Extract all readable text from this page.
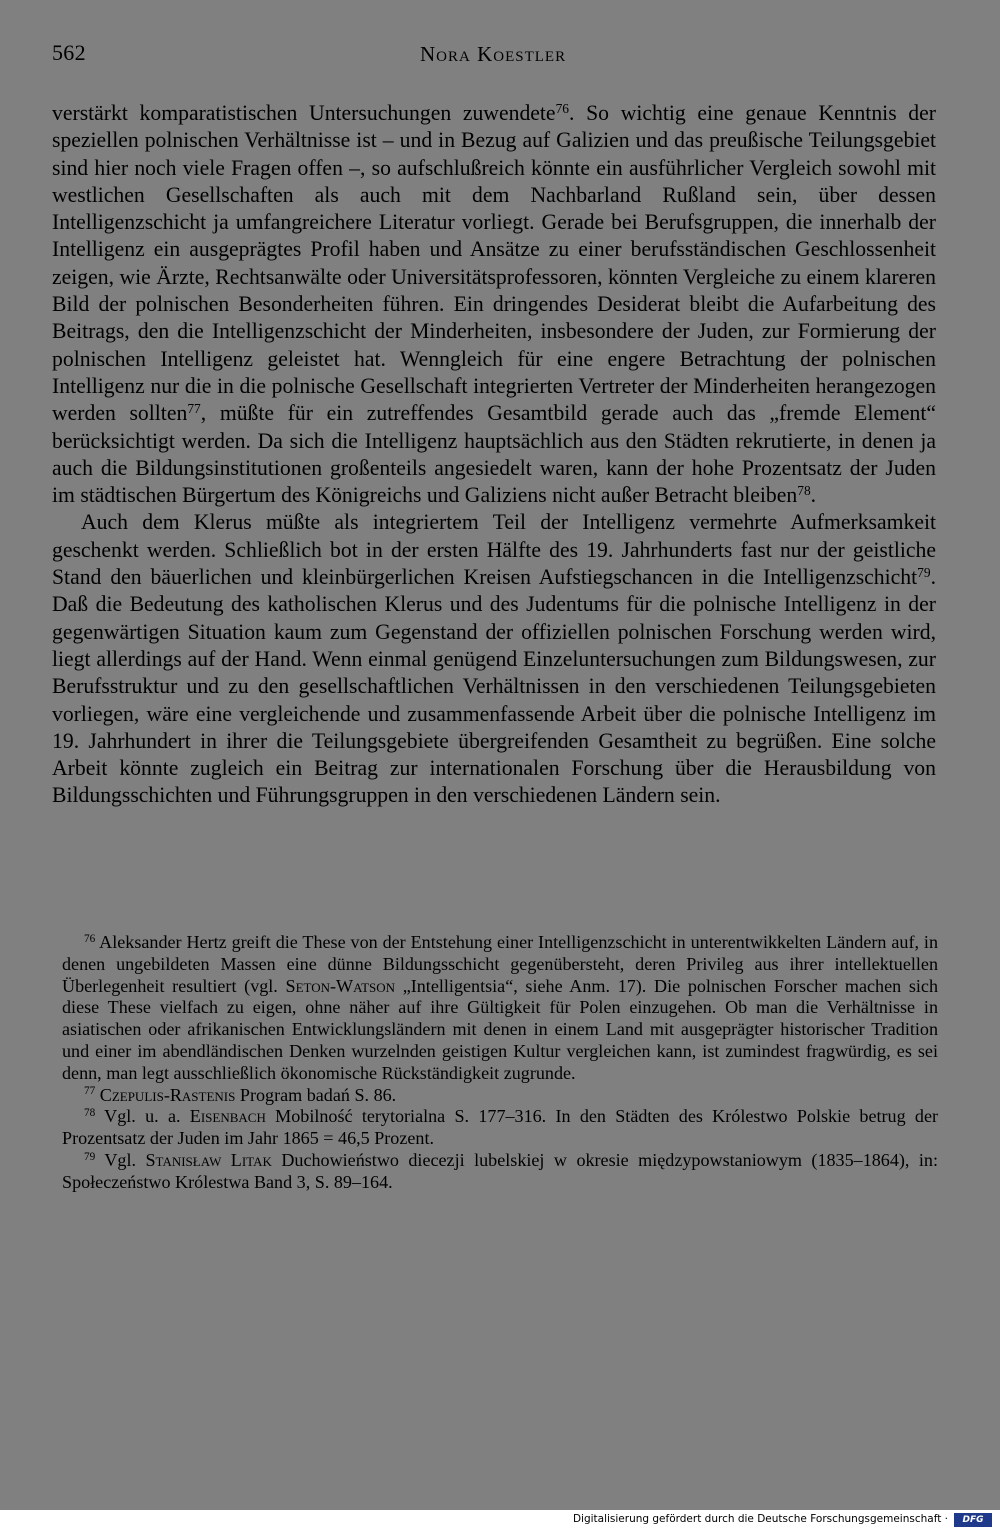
562	Nora Koestler

verstärkt komparatistischen Untersuchungen zuwendete$^{76}$. So wichtig eine genaue Kenntnis der speziellen polnischen Verhältnisse ist – und in Bezug auf Galizien und das preußische Teilungsgebiet sind hier noch viele Fragen offen –, so aufschlußreich könnte ein ausführlicher Vergleich sowohl mit westlichen Gesellschaften als auch mit dem Nachbarland Rußland sein, über dessen Intelligenzschicht ja umfangreichere Literatur vorliegt. Gerade bei Berufsgruppen, die innerhalb der Intelligenz ein ausgeprägtes Profil haben und Ansätze zu einer berufsständischen Geschlossenheit zeigen, wie Ärzte, Rechtsanwälte oder Universitätsprofessoren, könnten Vergleiche zu einem klareren Bild der polnischen Besonderheiten führen. Ein dringendes Desiderat bleibt die Aufarbeitung des Beitrags, den die Intelligenzschicht der Minderheiten, insbesondere der Juden, zur Formierung der polnischen Intelligenz geleistet hat. Wenngleich für eine engere Betrachtung der polnischen Intelligenz nur die in die polnische Gesellschaft integrierten Vertreter der Minderheiten herangezogen werden sollten$^{77}$, müßte für ein zutreffendes Gesamtbild gerade auch das „fremde Element“ berücksichtigt werden. Da sich die Intelligenz hauptsächlich aus den Städten rekrutierte, in denen ja auch die Bildungsinstitutionen großenteils angesiedelt waren, kann der hohe Prozentsatz der Juden im städtischen Bürgertum des Königreichs und Galiziens nicht außer Betracht bleiben$^{78}$.

Auch dem Klerus müßte als integriertem Teil der Intelligenz vermehrte Aufmerksamkeit geschenkt werden. Schließlich bot in der ersten Hälfte des 19. Jahrhunderts fast nur der geistliche Stand den bäuerlichen und kleinbürgerlichen Kreisen Aufstiegschancen in die Intelligenzschicht$^{79}$. Daß die Bedeutung des katholischen Klerus und des Judentums für die polnische Intelligenz in der gegenwärtigen Situation kaum zum Gegenstand der offiziellen polnischen Forschung werden wird, liegt allerdings auf der Hand. Wenn einmal genügend Einzeluntersuchungen zum Bildungswesen, zur Berufsstruktur und zu den gesellschaftlichen Verhältnissen in den verschiedenen Teilungsgebieten vorliegen, wäre eine vergleichende und zusammenfassende Arbeit über die polnische Intelligenz im 19. Jahrhundert in ihrer die Teilungsgebiete übergreifenden Gesamtheit zu begrüßen. Eine solche Arbeit könnte zugleich ein Beitrag zur internationalen Forschung über die Herausbildung von Bildungsschichten und Führungsgruppen in den verschiedenen Ländern sein.

$^{76}$ Aleksander Hertz greift die These von der Entstehung einer Intelligenzschicht in unterentwikkelten Ländern auf, in denen ungebildeten Massen eine dünne Bildungsschicht gegenübersteht, deren Privileg aus ihrer intellektuellen Überlegenheit resultiert (vgl. Seton-Watson „Intelligentsia“, siehe Anm. 17). Die polnischen Forscher machen sich diese These vielfach zu eigen, ohne näher auf ihre Gültigkeit für Polen einzugehen. Ob man die Verhältnisse in asiatischen oder afrikanischen Entwicklungsländern mit denen in einem Land mit ausgeprägter historischer Tradition und einer im abendländischen Denken wurzelnden geistigen Kultur vergleichen kann, ist zumindest fragwürdig, es sei denn, man legt ausschließlich ökonomische Rückständigkeit zugrunde.

$^{77}$ Czepulis-Rastenis Program badań S. 86.

$^{78}$ Vgl. u. a. Eisenbach Mobilność terytorialna S. 177–316. In den Städten des Królestwo Polskie betrug der Prozentsatz der Juden im Jahr 1865 = 46,5 Prozent.

$^{79}$ Vgl. Stanisław Litak Duchowieństwo diecezji lubelskiej w okresie międzypowstaniowym (1835–1864), in: Społeczeństwo Królestwa Band 3, S. 89–164.

Digitalisierung gefördert durch die Deutsche Forschungsgemeinschaft ·	DFG
